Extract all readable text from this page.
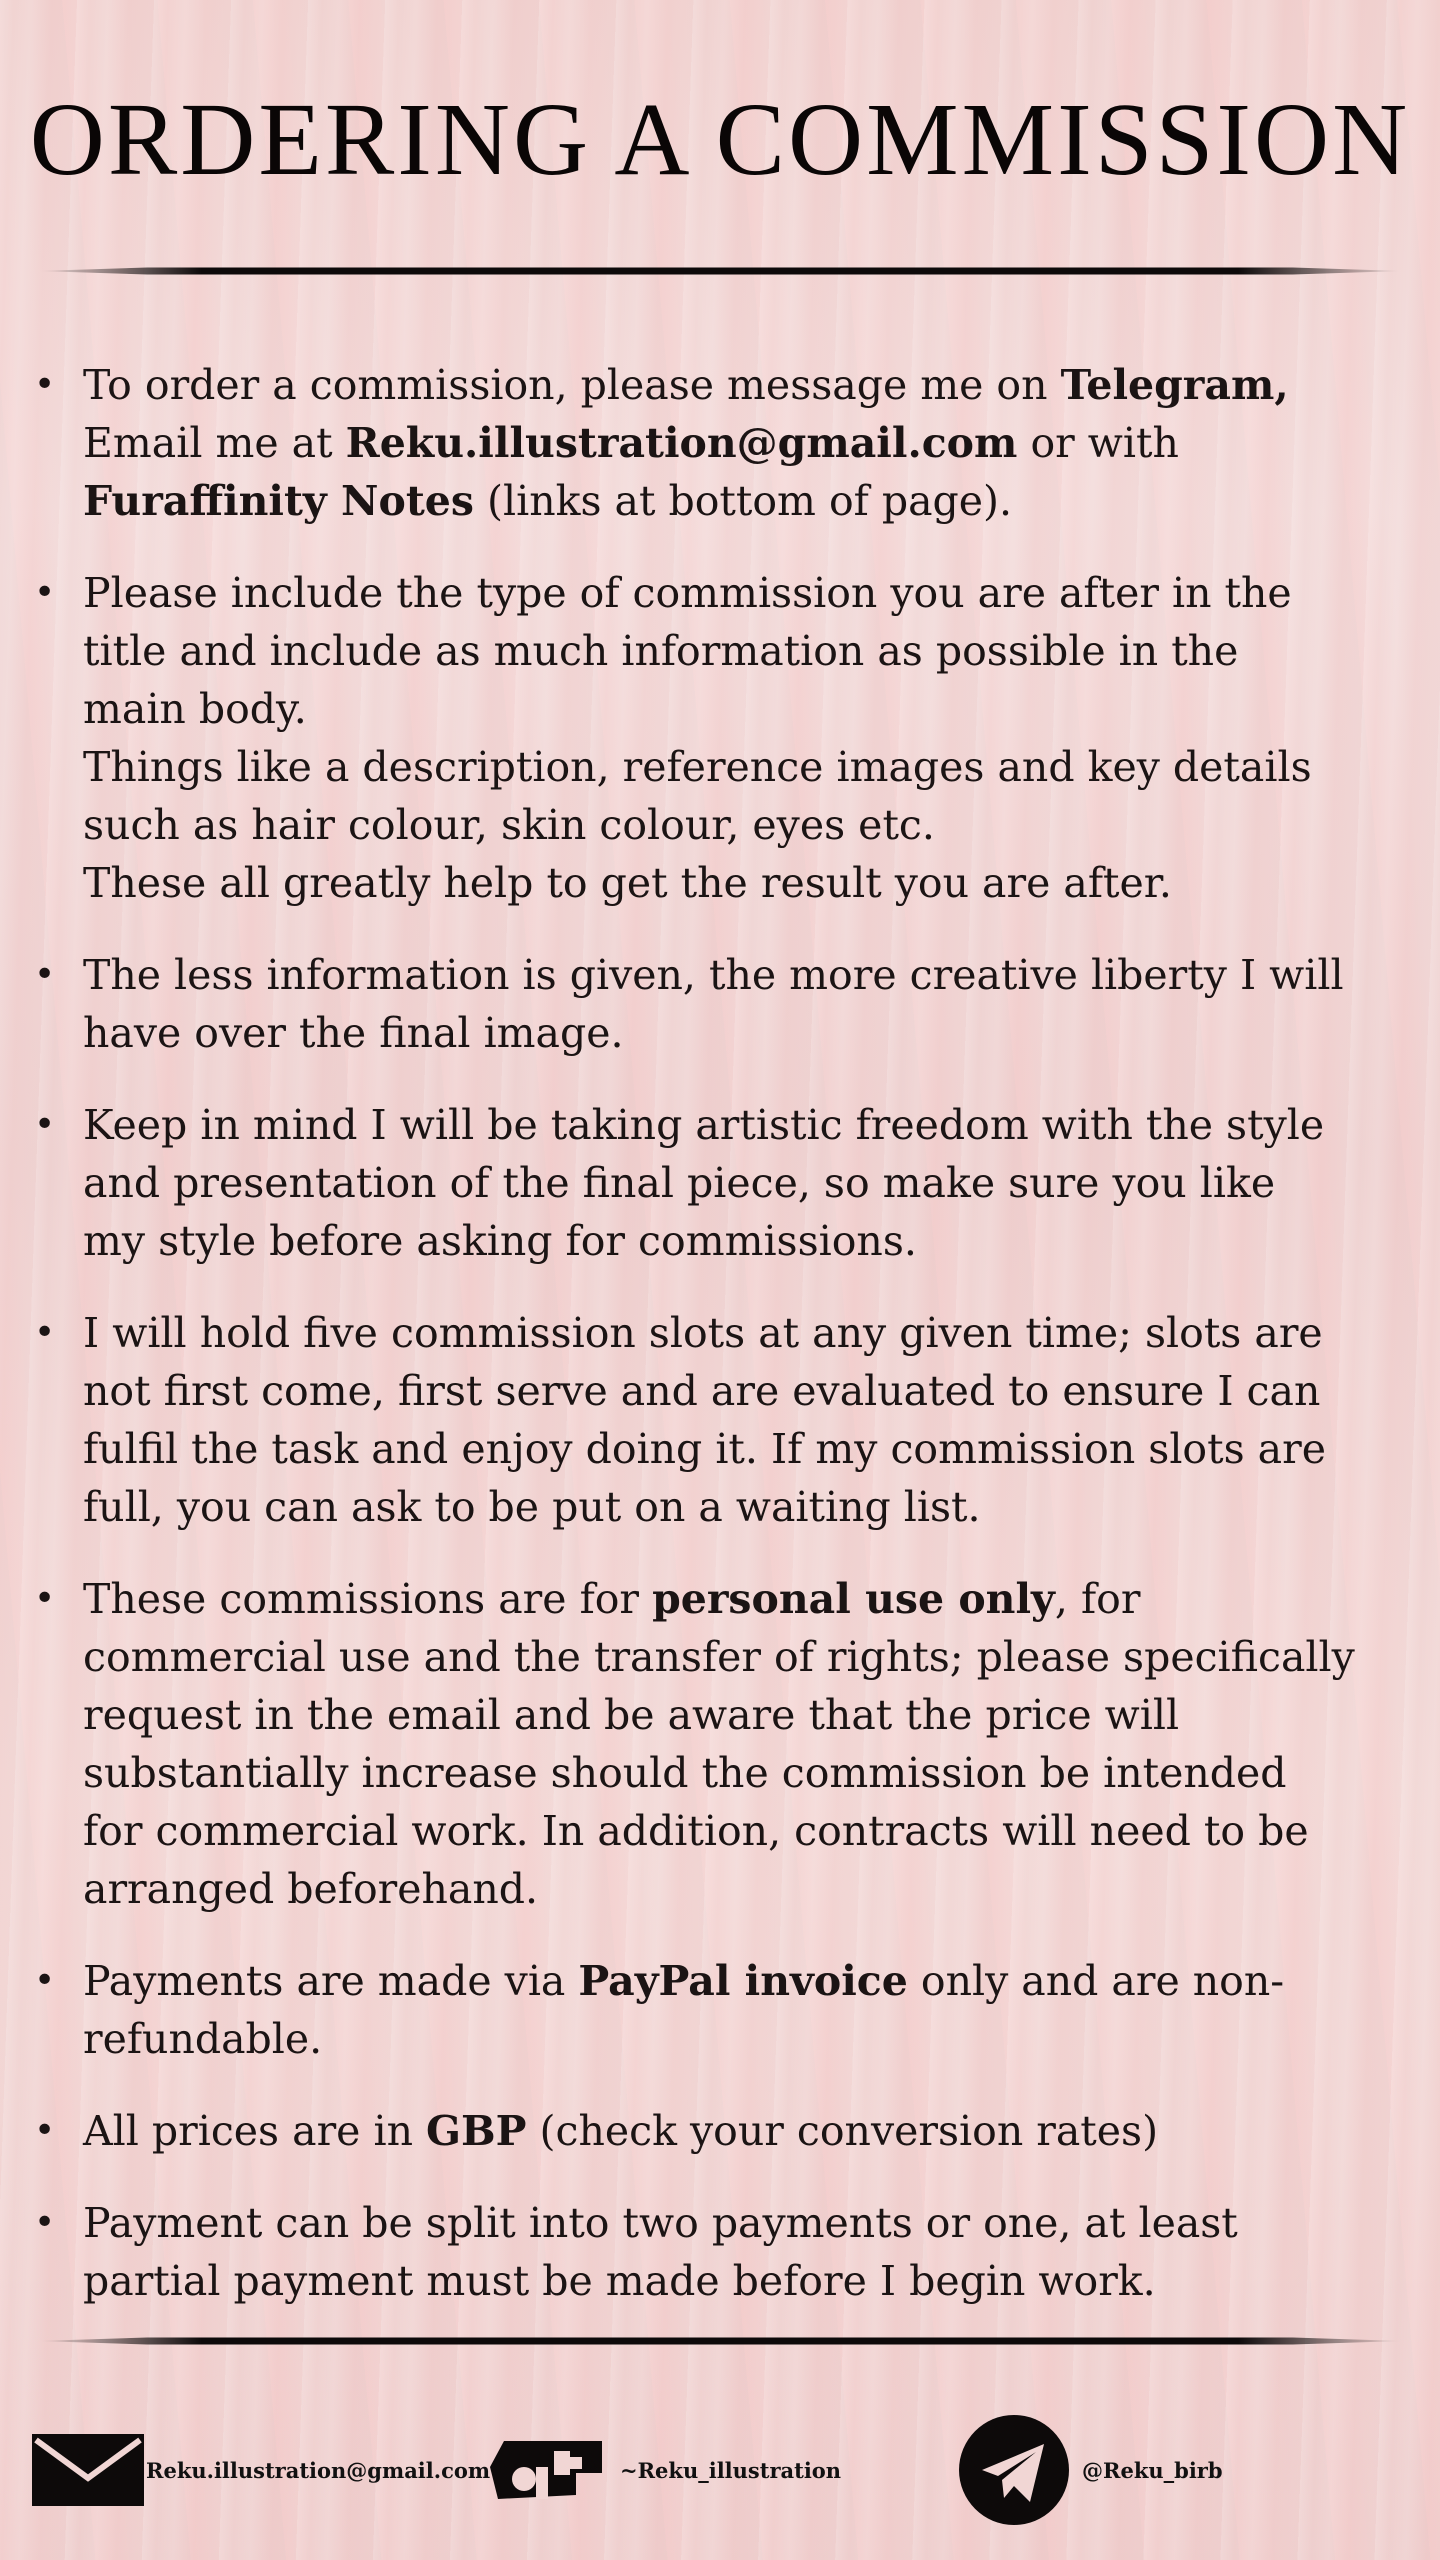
ORDERING A COMMISSION
• To order a commission, please message me on Telegram,
Email me at Reku.illustration@gmail.com or with
Furaffinity Notes (links at bottom of page).
• Please include the type of commission you are after in the
title and include as much information as possible in the
main body.
Things like a description, reference images and key details
such as hair colour, skin colour, eyes etc.
These all greatly help to get the result you are after.
• The less information is given, the more creative liberty I will
have over the final image.
• Keep in mind I will be taking artistic freedom with the style
and presentation of the final piece, so make sure you like
my style before asking for commissions.
• I will hold five commission slots at any given time; slots are
not first come, first serve and are evaluated to ensure I can
fulfil the task and enjoy doing it. If my commission slots are
full, you can ask to be put on a waiting list.
• These commissions are for personal use only, for
commercial use and the transfer of rights; please specifically
request in the email and be aware that the price will
substantially increase should the commission be intended
for commercial work. In addition, contracts will need to be
arranged beforehand.
• Payments are made via PayPal invoice only and are non-
refundable.
• All prices are in GBP (check your conversion rates)
• Payment can be split into two payments or one, at least
partial payment must be made before I begin work.
Reku.illustration@gmail.com	~Reku_illustration	@Reku_birb
